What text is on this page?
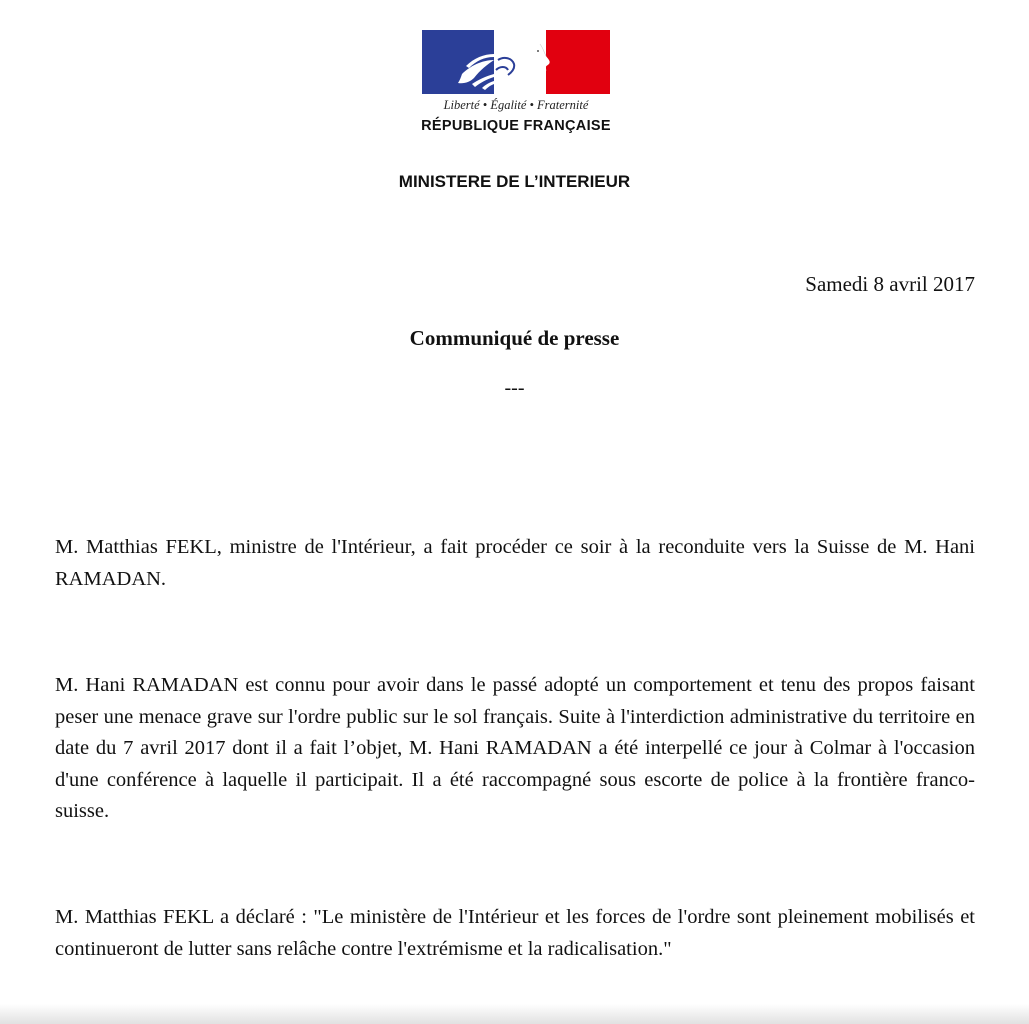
Liberté • Égalité • Fraternité
RÉPUBLIQUE FRANÇAISE
MINISTERE DE L’INTERIEUR
Samedi 8 avril 2017
Communiqué de presse
---

M. Matthias FEKL, ministre de l'Intérieur, a fait procéder ce soir à la reconduite vers la Suisse de M. Hani RAMADAN.

M. Hani RAMADAN est connu pour avoir dans le passé adopté un comportement et tenu des propos faisant peser une menace grave sur l'ordre public sur le sol français. Suite à l'interdiction administrative du territoire en date du 7 avril 2017 dont il a fait l’objet, M. Hani RAMADAN a été interpellé ce jour à Colmar à l'occasion d'une conférence à laquelle il participait. Il a été raccompagné sous escorte de police à la frontière franco-suisse.

M. Matthias FEKL a déclaré : "Le ministère de l'Intérieur et les forces de l'ordre sont pleinement mobilisés et continueront de lutter sans relâche contre l'extrémisme et la radicalisation."
